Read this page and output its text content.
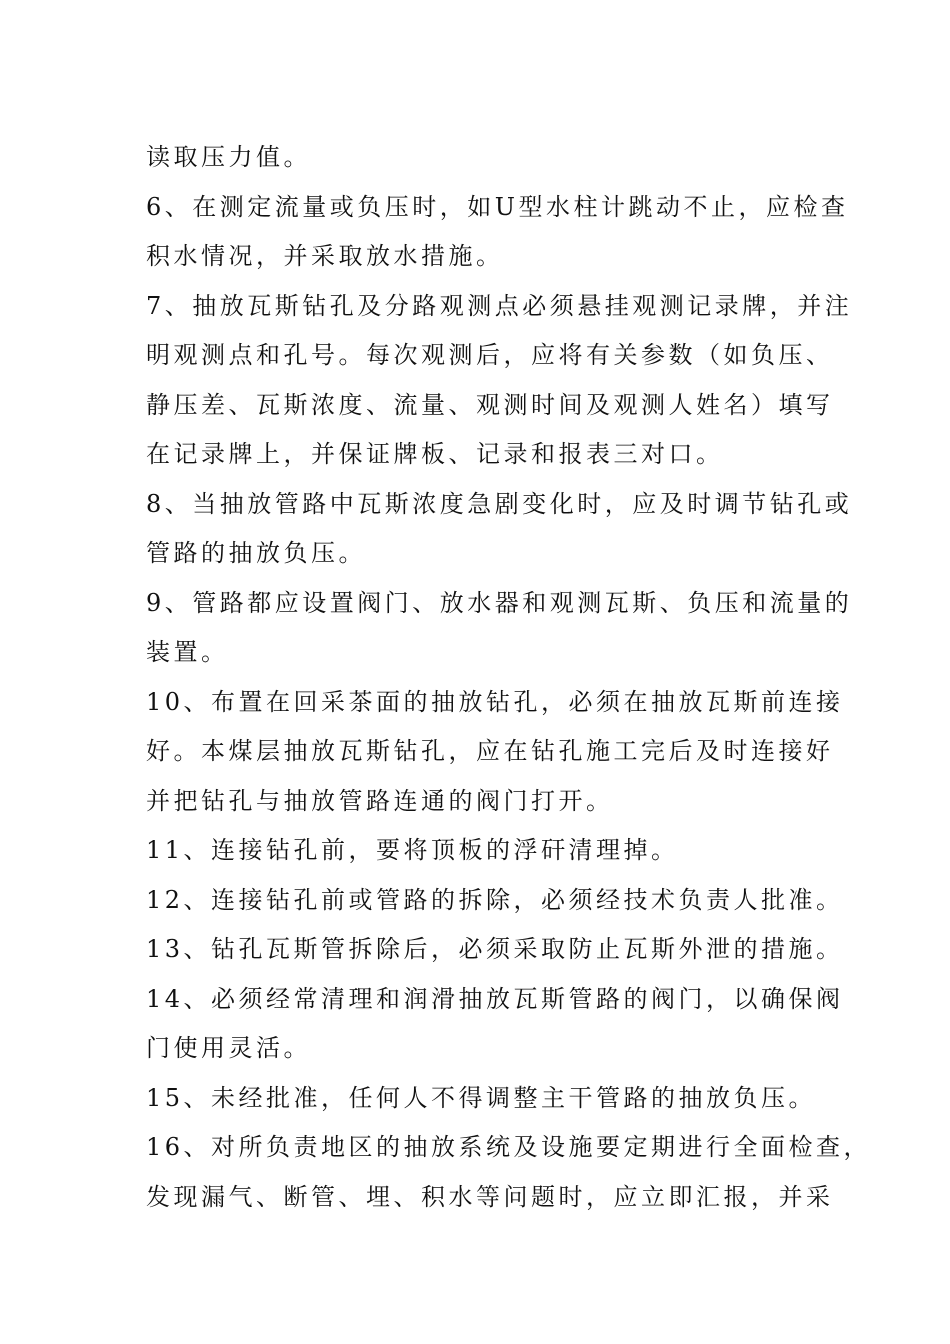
读取压力值。
6、在测定流量或负压时，如U型水柱计跳动不止，应检查
积水情况，并采取放水措施。
7、抽放瓦斯钻孔及分路观测点必须悬挂观测记录牌，并注
明观测点和孔号。每次观测后，应将有关参数（如负压、
静压差、瓦斯浓度、流量、观测时间及观测人姓名）填写
在记录牌上，并保证牌板、记录和报表三对口。
8、当抽放管路中瓦斯浓度急剧变化时，应及时调节钻孔或
管路的抽放负压。
9、管路都应设置阀门、放水器和观测瓦斯、负压和流量的
装置。
10、布置在回采茶面的抽放钻孔，必须在抽放瓦斯前连接
好。本煤层抽放瓦斯钻孔，应在钻孔施工完后及时连接好
并把钻孔与抽放管路连通的阀门打开。
11、连接钻孔前，要将顶板的浮矸清理掉。
12、连接钻孔前或管路的拆除，必须经技术负责人批准。
13、钻孔瓦斯管拆除后，必须采取防止瓦斯外泄的措施。
14、必须经常清理和润滑抽放瓦斯管路的阀门，以确保阀
门使用灵活。
15、未经批准，任何人不得调整主干管路的抽放负压。
16、对所负责地区的抽放系统及设施要定期进行全面检查，
发现漏气、断管、埋、积水等问题时，应立即汇报，并采
